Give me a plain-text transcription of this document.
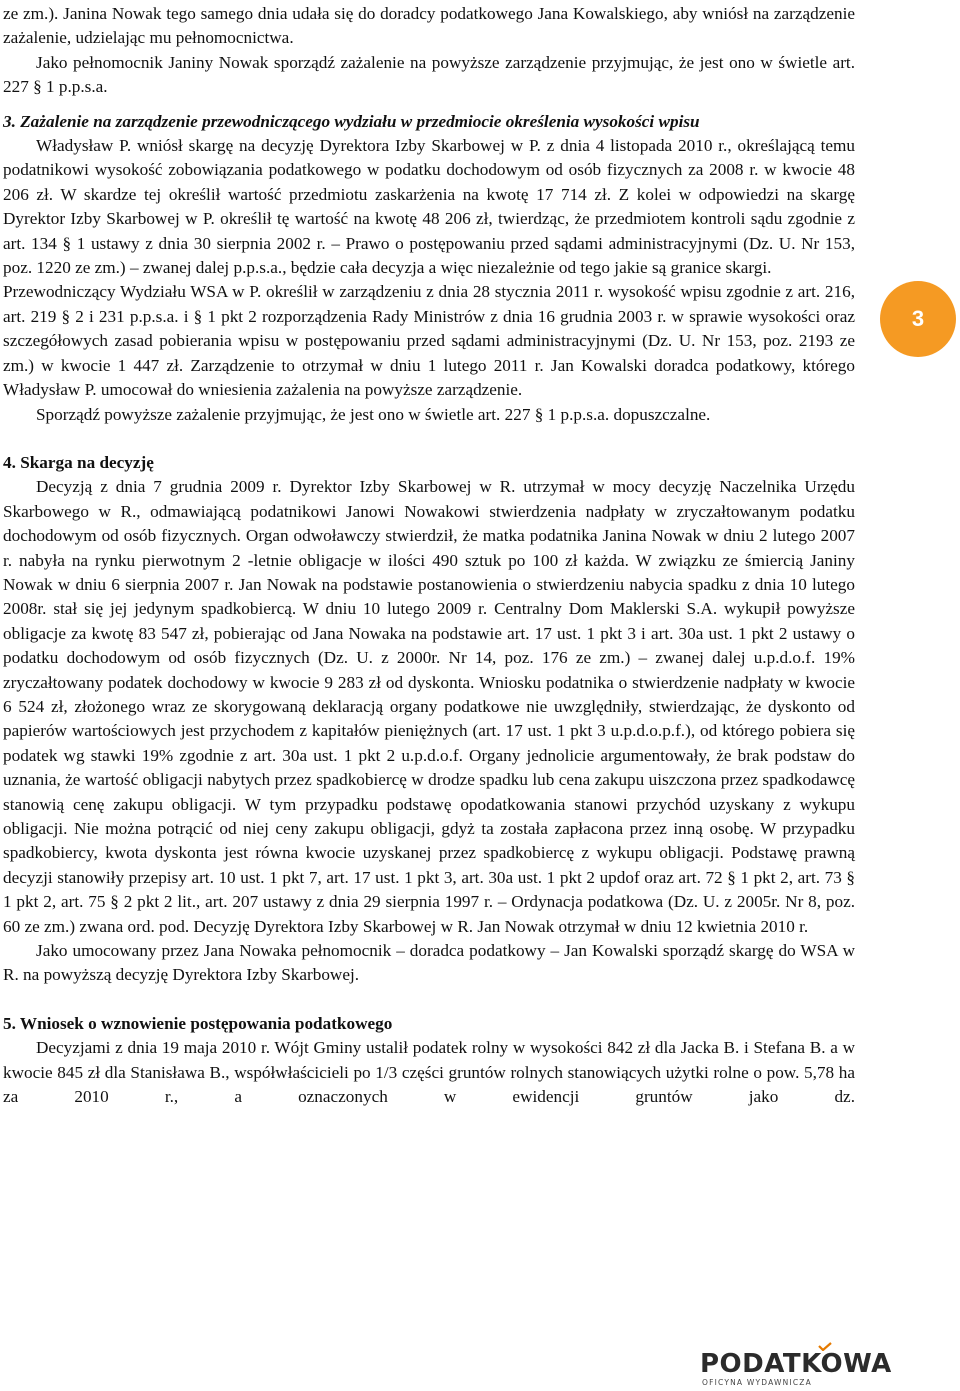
ze zm.). Janina Nowak tego samego dnia udała się do doradcy podatkowego Jana Kowalskiego, aby wniósł na zarządzenie zażalenie, udzielając mu pełnomocnictwa.

Jako pełnomocnik Janiny Nowak sporządź zażalenie na powyższe zarządzenie przyjmując, że jest ono w świetle art. 227 § 1 p.p.s.a.

3. Zażalenie na zarządzenie przewodniczącego wydziału w przedmiocie określenia wysokości wpisu

Władysław P. wniósł skargę na decyzję Dyrektora Izby Skarbowej w P. z dnia 4 listopada 2010 r., określającą temu podatnikowi wysokość zobowiązania podatkowego w podatku dochodowym od osób fizycznych za 2008 r. w kwocie 48 206 zł. W skardze tej określił wartość przedmiotu zaskarżenia na kwotę 17 714 zł. Z kolei w odpowiedzi na skargę Dyrektor Izby Skarbowej w P. określił tę wartość na kwotę 48 206 zł, twierdząc, że przedmiotem kontroli sądu zgodnie z art. 134 § 1 ustawy z dnia 30 sierpnia 2002 r. – Prawo o postępowaniu przed sądami administracyjnymi (Dz. U. Nr 153, poz. 1220 ze zm.) – zwanej dalej p.p.s.a., będzie cała decyzja a więc niezależnie od tego jakie są granice skargi.

Przewodniczący Wydziału WSA w P. określił w zarządzeniu z dnia 28 stycznia 2011 r. wysokość wpisu zgodnie z art. 216, art. 219 § 2 i 231 p.p.s.a. i § 1 pkt 2 rozporządzenia Rady Ministrów z dnia 16 grudnia 2003 r. w sprawie wysokości oraz szczegółowych zasad pobierania wpisu w postępowaniu przed sądami administracyjnymi (Dz. U. Nr 153, poz. 2193 ze zm.) w kwocie 1 447 zł. Zarządzenie to otrzymał w dniu 1 lutego 2011 r. Jan Kowalski doradca podatkowy, którego Władysław P. umocował do wniesienia zażalenia na powyższe zarządzenie.

Sporządź powyższe zażalenie przyjmując, że jest ono w świetle art. 227 § 1 p.p.s.a. dopuszczalne.

4. Skarga na decyzję

Decyzją z dnia 7 grudnia 2009 r. Dyrektor Izby Skarbowej w R. utrzymał w mocy decyzję Naczelnika Urzędu Skarbowego w R., odmawiającą podatnikowi Janowi Nowakowi stwierdzenia nadpłaty w zryczałtowanym podatku dochodowym od osób fizycznych. Organ odwoławczy stwierdził, że matka podatnika Janina Nowak w dniu 2 lutego 2007 r. nabyła na rynku pierwotnym 2 -letnie obligacje w ilości 490 sztuk po 100 zł każda. W związku ze śmiercią Janiny Nowak w dniu 6 sierpnia 2007 r. Jan Nowak na podstawie postanowienia o stwierdzeniu nabycia spadku z dnia 10 lutego 2008r. stał się jej jedynym spadkobiercą. W dniu 10 lutego 2009 r. Centralny Dom Maklerski S.A. wykupił powyższe obligacje za kwotę 83 547 zł, pobierając od Jana Nowaka na podstawie art. 17 ust. 1 pkt 3 i art. 30a ust. 1 pkt 2 ustawy o podatku dochodowym od osób fizycznych (Dz. U. z 2000r. Nr 14, poz. 176 ze zm.) – zwanej dalej u.p.d.o.f. 19% zryczałtowany podatek dochodowy w kwocie 9 283 zł od dyskonta. Wniosku podatnika o stwierdzenie nadpłaty w kwocie 6 524 zł, złożonego wraz ze skorygowaną deklaracją organy podatkowe nie uwzględniły, stwierdzając, że dyskonto od papierów wartościowych jest przychodem z kapitałów pieniężnych (art. 17 ust. 1 pkt 3 u.p.d.o.p.f.), od którego pobiera się podatek wg stawki 19% zgodnie z art. 30a ust. 1 pkt 2 u.p.d.o.f. Organy jednolicie argumentowały, że brak podstaw do uznania, że wartość obligacji nabytych przez spadkobiercę w drodze spadku lub cena zakupu uiszczona przez spadkodawcę stanowią cenę zakupu obligacji. W tym przypadku podstawę opodatkowania stanowi przychód uzyskany z wykupu obligacji. Nie można potrącić od niej ceny zakupu obligacji, gdyż ta została zapłacona przez inną osobę. W przypadku spadkobiercy, kwota dyskonta jest równa kwocie uzyskanej przez spadkobiercę z wykupu obligacji. Podstawę prawną decyzji stanowiły przepisy art. 10 ust. 1 pkt 7, art. 17 ust. 1 pkt 3, art. 30a ust. 1 pkt 2 updof oraz art. 72 § 1 pkt 2, art. 73 § 1 pkt 2, art. 75 § 2 pkt 2 lit., art. 207 ustawy z dnia 29 sierpnia 1997 r. – Ordynacja podatkowa (Dz. U. z 2005r. Nr 8, poz. 60 ze zm.) zwana ord. pod. Decyzję Dyrektora Izby Skarbowej w R. Jan Nowak otrzymał w dniu 12 kwietnia 2010 r.

Jako umocowany przez Jana Nowaka pełnomocnik – doradca podatkowy – Jan Kowalski sporządź skargę do WSA w R. na powyższą decyzję Dyrektora Izby Skarbowej.

5. Wniosek o wznowienie postępowania podatkowego

Decyzjami z dnia 19 maja 2010 r. Wójt Gminy ustalił podatek rolny w wysokości 842 zł dla Jacka B. i Stefana B. a w kwocie 845 zł dla Stanisława B., współwłaścicieli po 1/3 części gruntów rolnych stanowiących użytki rolne o pow. 5,78 ha za 2010 r., a oznaczonych w ewidencji gruntów jako dz.

3
PODATKOWA
OFICYNA WYDAWNICZA
